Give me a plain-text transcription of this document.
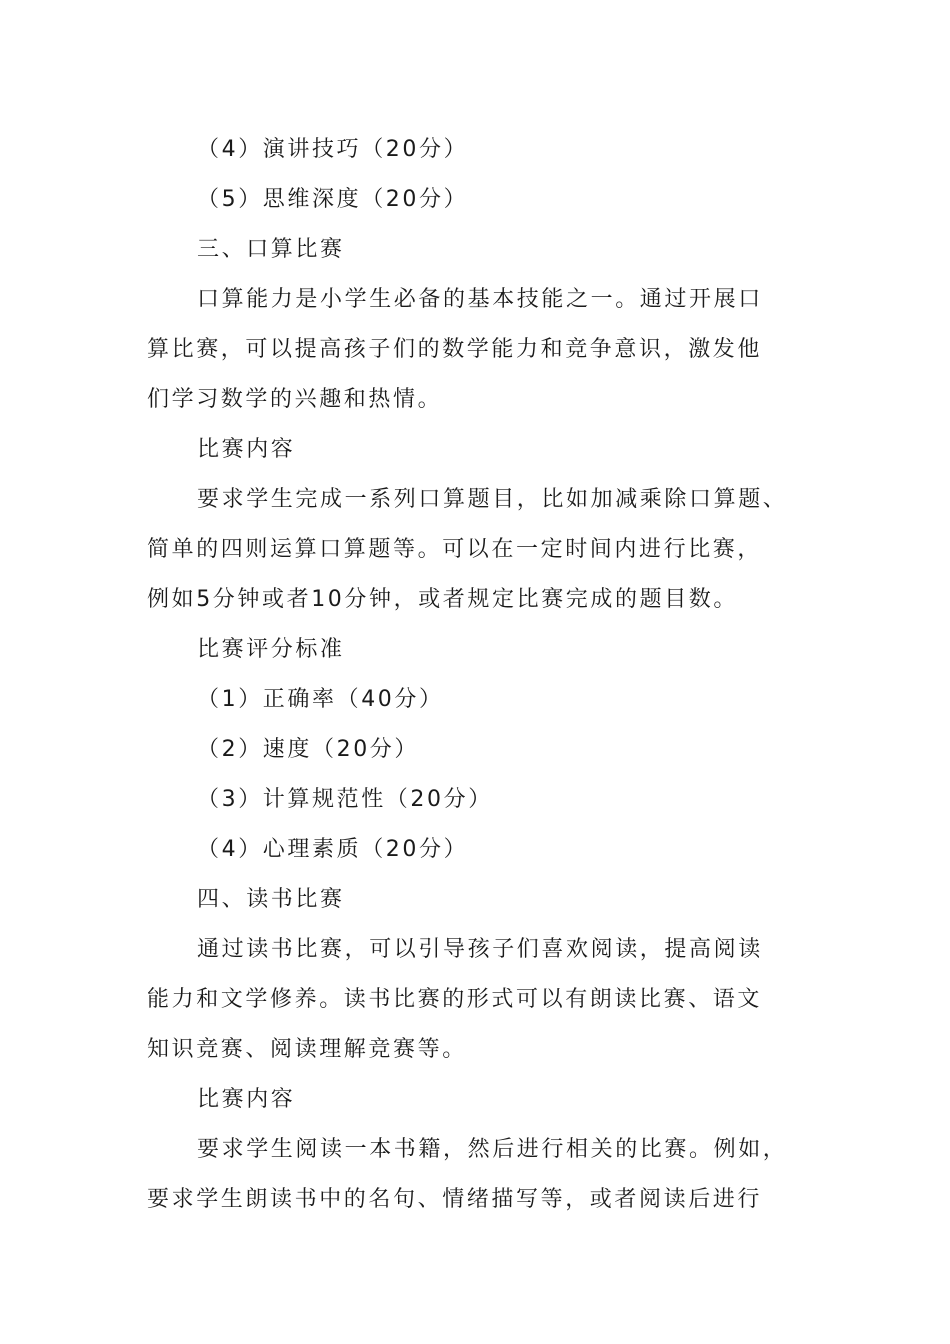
（4）演讲技巧（20分）
（5）思维深度（20分）
三、口算比赛
口算能力是小学生必备的基本技能之一。通过开展口
算比赛，可以提高孩子们的数学能力和竞争意识，激发他
们学习数学的兴趣和热情。
比赛内容
要求学生完成一系列口算题目，比如加减乘除口算题、
简单的四则运算口算题等。可以在一定时间内进行比赛，
例如5分钟或者10分钟，或者规定比赛完成的题目数。
比赛评分标准
（1）正确率（40分）
（2）速度（20分）
（3）计算规范性（20分）
（4）心理素质（20分）
四、读书比赛
通过读书比赛，可以引导孩子们喜欢阅读，提高阅读
能力和文学修养。读书比赛的形式可以有朗读比赛、语文
知识竞赛、阅读理解竞赛等。
比赛内容
要求学生阅读一本书籍，然后进行相关的比赛。例如，
要求学生朗读书中的名句、情绪描写等，或者阅读后进行
